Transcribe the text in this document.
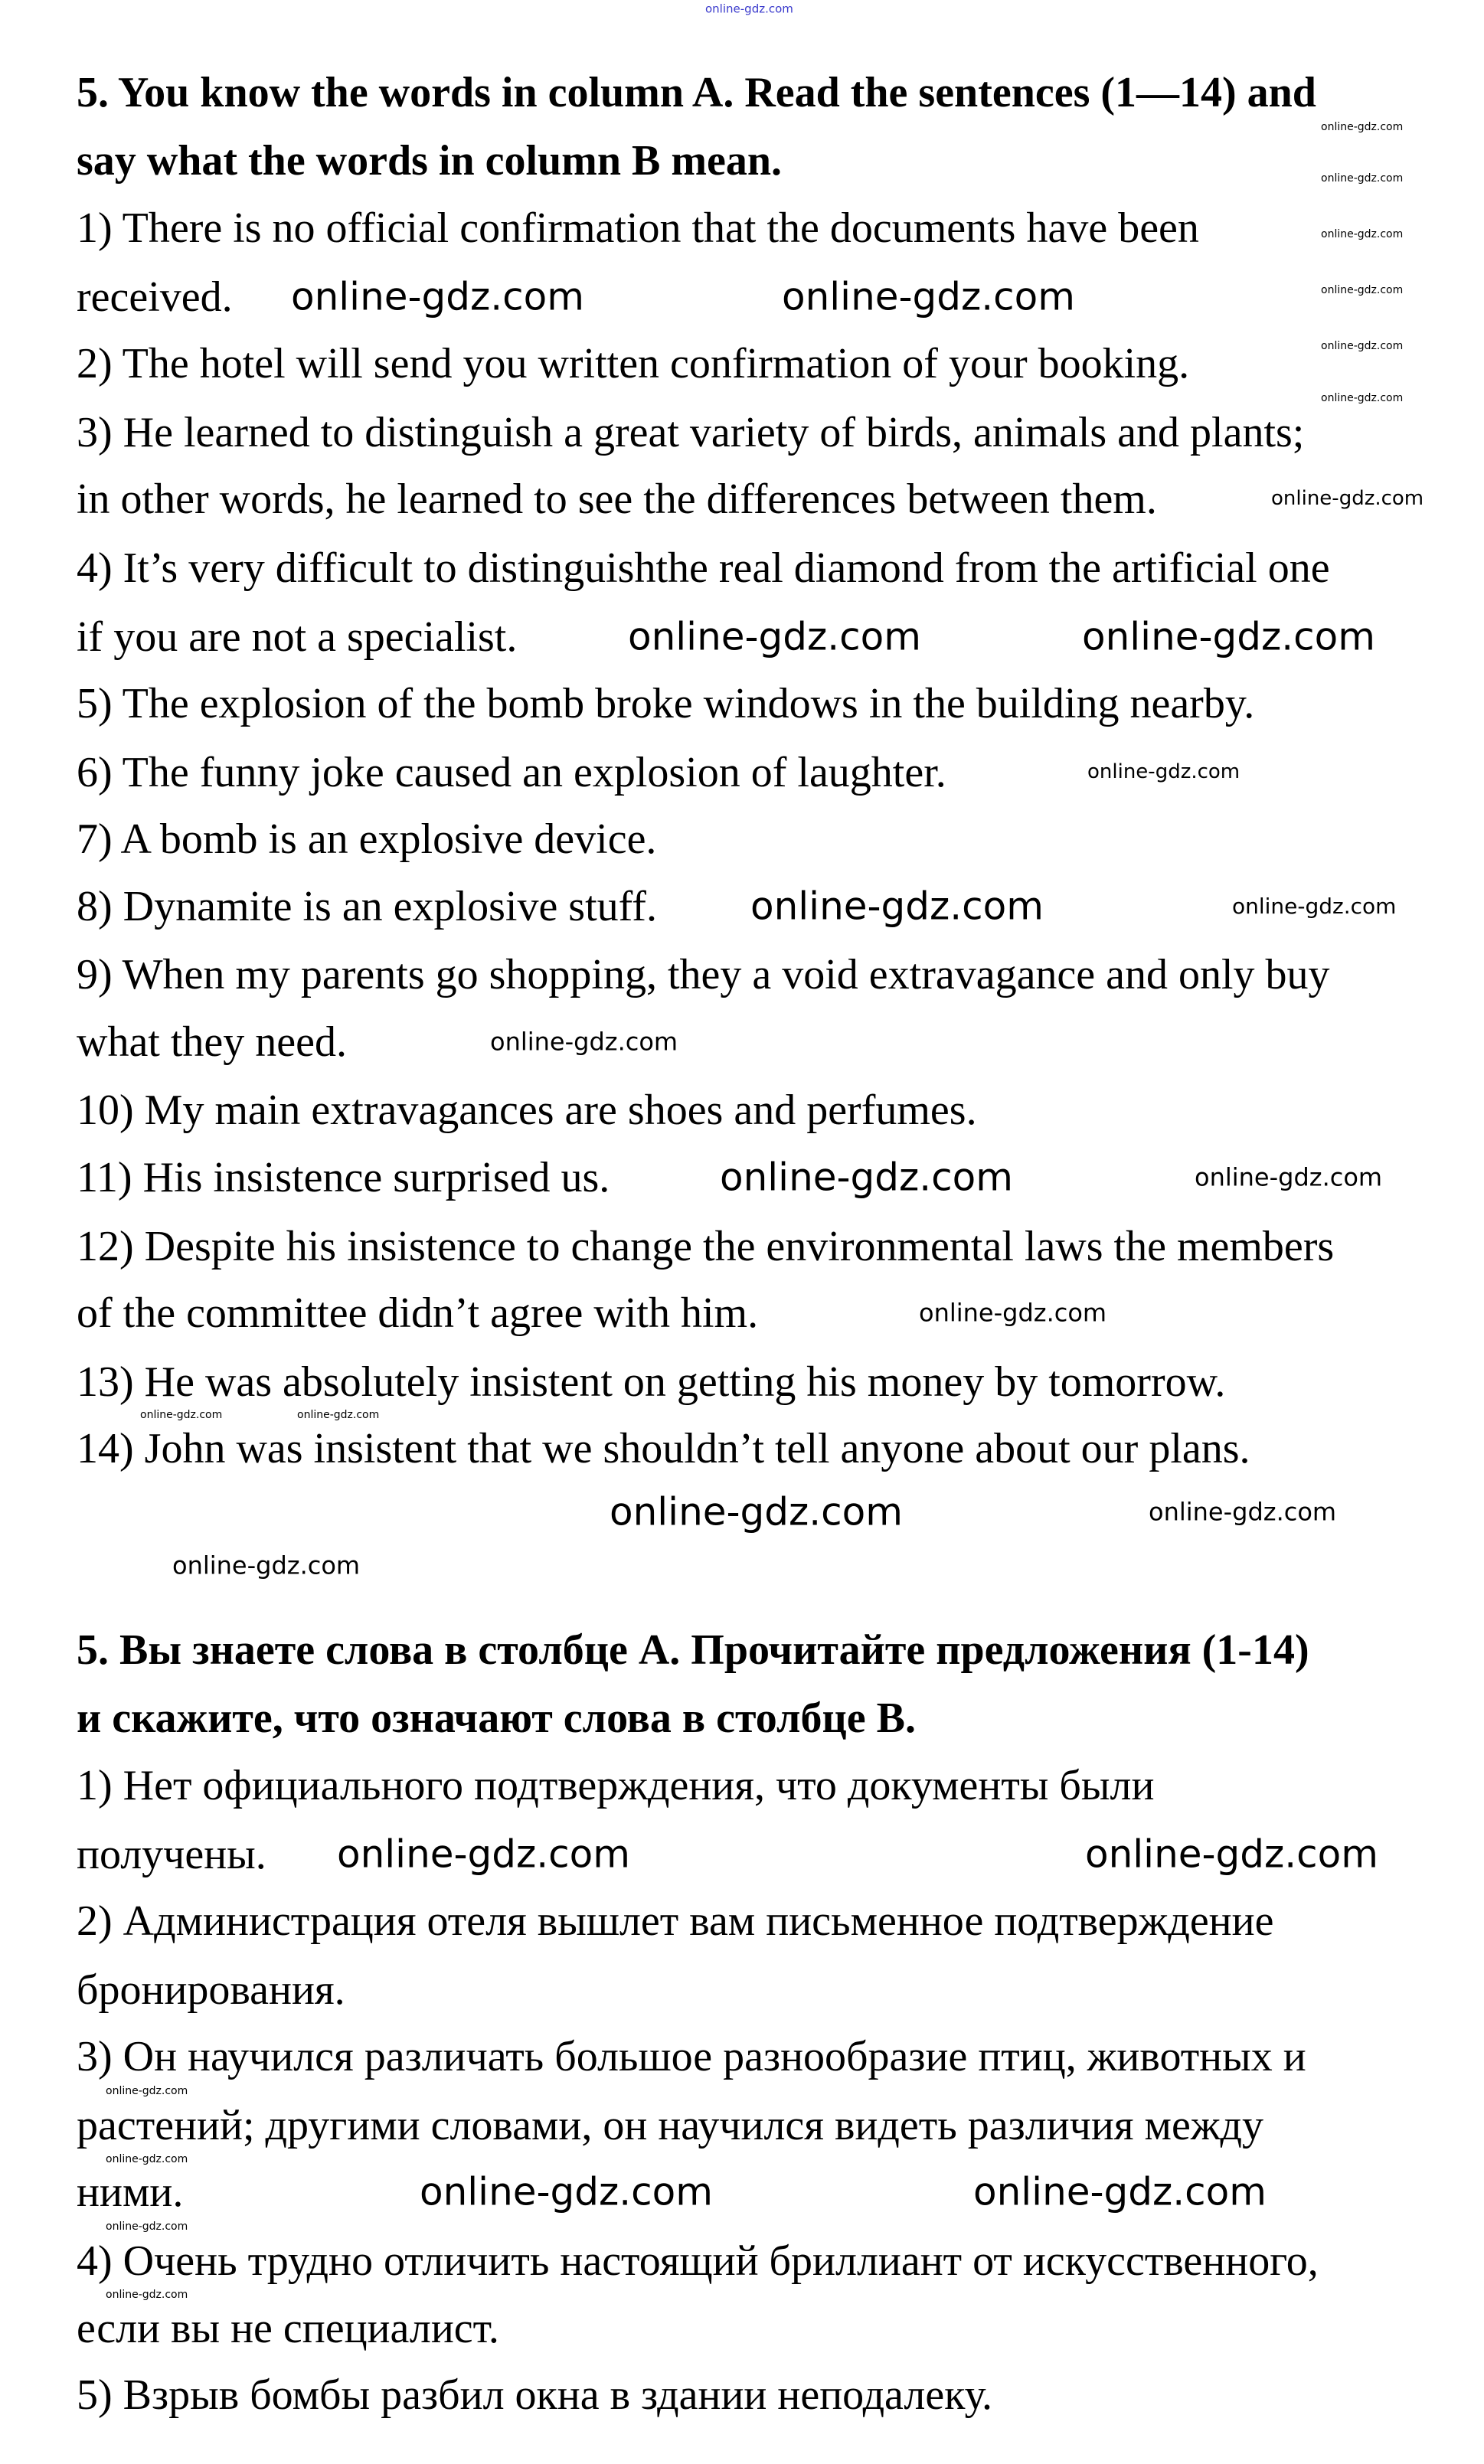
online-gdz.com
5. You know the words in column A. Read the sentences (1—14) and
say what the words in column B mean.
1) There is no official confirmation that the documents have been
received.
2) The hotel will send you written confirmation of your booking.
3) He learned to distinguish a great variety of birds, animals and plants;
in other words, he learned to see the differences between them.
4) It’s very difficult to distinguishthe real diamond from the artificial one
if you are not a specialist.
5) The explosion of the bomb broke windows in the building nearby.
6) The funny joke caused an explosion of laughter.
7) A bomb is an explosive device.
8) Dynamite is an explosive stuff.
9) When my parents go shopping, they a void extravagance and only buy
what they need.
10) My main extravagances are shoes and perfumes.
11) His insistence surprised us.
12) Despite his insistence to change the environmental laws the members
of the committee didn’t agree with him.
13) He was absolutely insistent on getting his money by tomorrow.
14) John was insistent that we shouldn’t tell anyone about our plans.
5. Вы знаете слова в столбце А. Прочитайте предложения (1-14)
и скажите, что означают слова в столбце В.
1) Нет официального подтверждения, что документы были
получены.
2) Администрация отеля вышлет вам письменное подтверждение
бронирования.
3) Он научился различать большое разнообразие птиц, животных и
растений; другими словами, он научился видеть различия между
ними.
4) Очень трудно отличить настоящий бриллиант от искусственного,
если вы не специалист.
5) Взрыв бомбы разбил окна в здании неподалеку.
online-gdz.com	online-gdz.com
online-gdz.com	online-gdz.com
online-gdz.com
online-gdz.com
online-gdz.com
online-gdz.com	online-gdz.com
online-gdz.com	online-gdz.com
online-gdz.com
online-gdz.com
online-gdz.com
online-gdz.com
online-gdz.com
online-gdz.com
online-gdz.com
online-gdz.com
online-gdz.com
online-gdz.com
online-gdz.com
online-gdz.com
online-gdz.com
online-gdz.com
online-gdz.com	online-gdz.com
online-gdz.com
online-gdz.com
online-gdz.com
online-gdz.com
